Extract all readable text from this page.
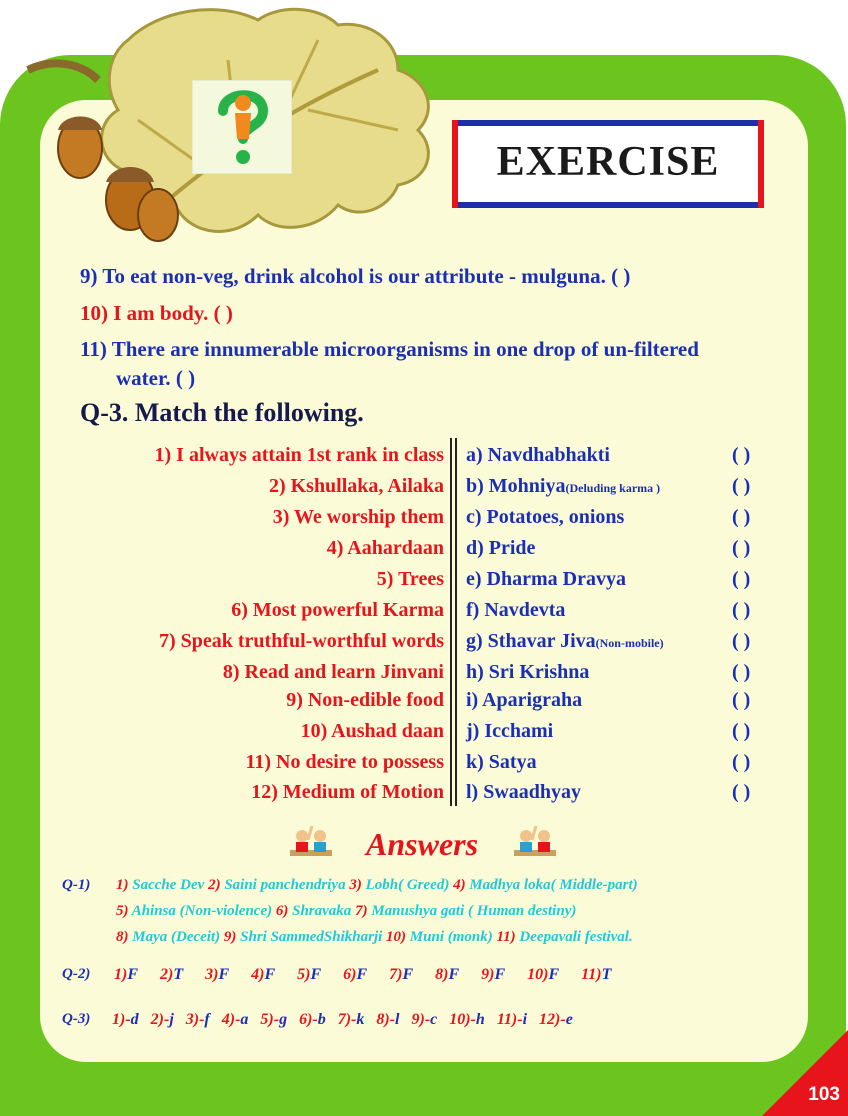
EXERCISE
9) To eat non-veg, drink alcohol is our attribute - mulguna. ( )
10) I am body. ( )
11) There are innumerable microorganisms in one drop of un-filtered
water. ( )
Q-3. Match the following.
1) I always attain 1st rank in class a) Navdhabhakti	( )
2) Kshullaka, Ailaka b) Mohniya(Deluding karma )	( )
3) We worship them c) Potatoes, onions	( )
4) Aahardaan d) Pride	( )
5) Trees e) Dharma Dravya	( )
6) Most powerful Karma f) Navdevta	( )
7) Speak truthful-worthful words g) Sthavar Jiva(Non-mobile)	( )
8) Read and learn Jinvani h) Sri Krishna	( )
9) Non-edible food i) Aparigraha	( )
10) Aushad daan j) Icchami	( )
11) No desire to possess k) Satya	( )
12) Medium of Motion l) Swaadhyay	( )
Answers
Q-1) 1) Sacche Dev 2) Saini panchendriya 3) Lobh( Greed) 4) Madhya loka( Middle-part)
5) Ahinsa (Non-violence) 6) Shravaka 7) Manushya gati ( Human destiny)
8) Maya (Deceit) 9) Shri SammedShikharji 10) Muni (monk) 11) Deepavali festival.
Q-2) 1)F 2)T 3)F 4)F 5)F 6)F 7)F 8)F 9)F 10)F 11)T
Q-3) 1)-d 2)-j 3)-f 4)-a 5)-g 6)-b 7)-k 8)-l 9)-c 10)-h 11)-i 12)-e
103
